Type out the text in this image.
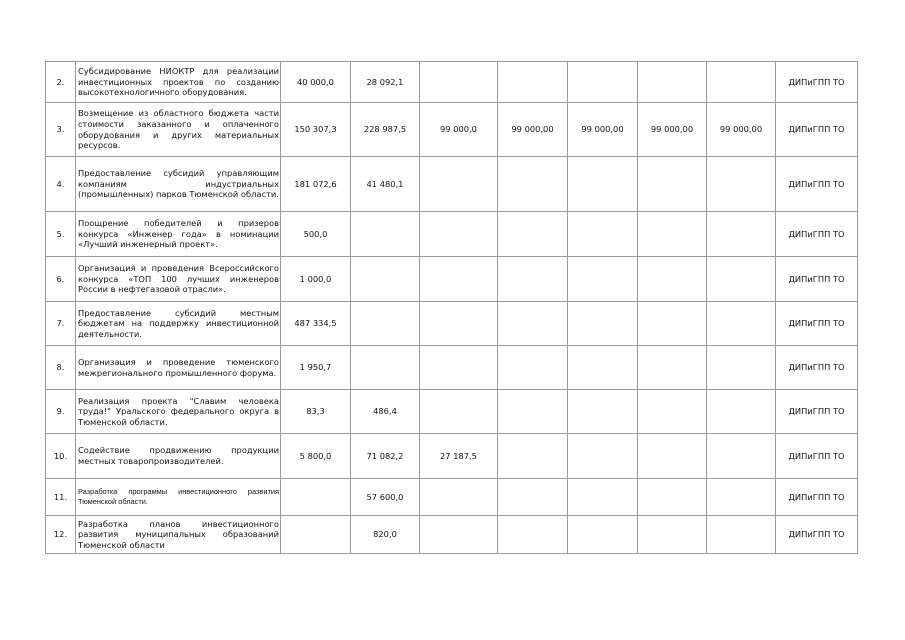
2.	Субсидирование НИОКТР для реализации инвестиционных проектов по созданию высокотехнологичного оборудования.	40 000,0	28 092,1						ДИПиГПП ТО
3.	Возмещение из областного бюджета части стоимости заказанного и оплаченного оборудования и других материальных ресурсов.	150 307,3	228 987,5	99 000,0	99 000,00	99 000,00	99 000,00	99 000,00	ДИПиГПП ТО
4.	Предоставление субсидий управляющим компаниям индустриальных (промышленных) парков Тюменской области.	181 072,6	41 480,1						ДИПиГПП ТО
5.	Поощрение победителей и призеров конкурса «Инженер года» в номинации «Лучший инженерный проект».	500,0							ДИПиГПП ТО
6.	Организация и проведения Всероссийского конкурса «ТОП 100 лучших инженеров России в нефтегазовой отрасли».	1 000,0							ДИПиГПП ТО
7.	Предоставление субсидий местным бюджетам на поддержку инвестиционной деятельности.	487 334,5							ДИПиГПП ТО
8.	Организация и проведение тюменского межрегионального промышленного форума.	1 950,7							ДИПиГПП ТО
9.	Реализация проекта "Славим человека труда!" Уральского федерального округа в Тюменской области.	83,3	486,4						ДИПиГПП ТО
10.	Содействие продвижению продукции местных товаропроизводителей.	5 800,0	71 082,2	27 187,5					ДИПиГПП ТО
11.	Разработка программы инвестиционного развития Тюменской области.		57 600,0						ДИПиГПП ТО
12.	Разработка планов инвестиционного развития муниципальных образований Тюменской области		820,0						ДИПиГПП ТО
